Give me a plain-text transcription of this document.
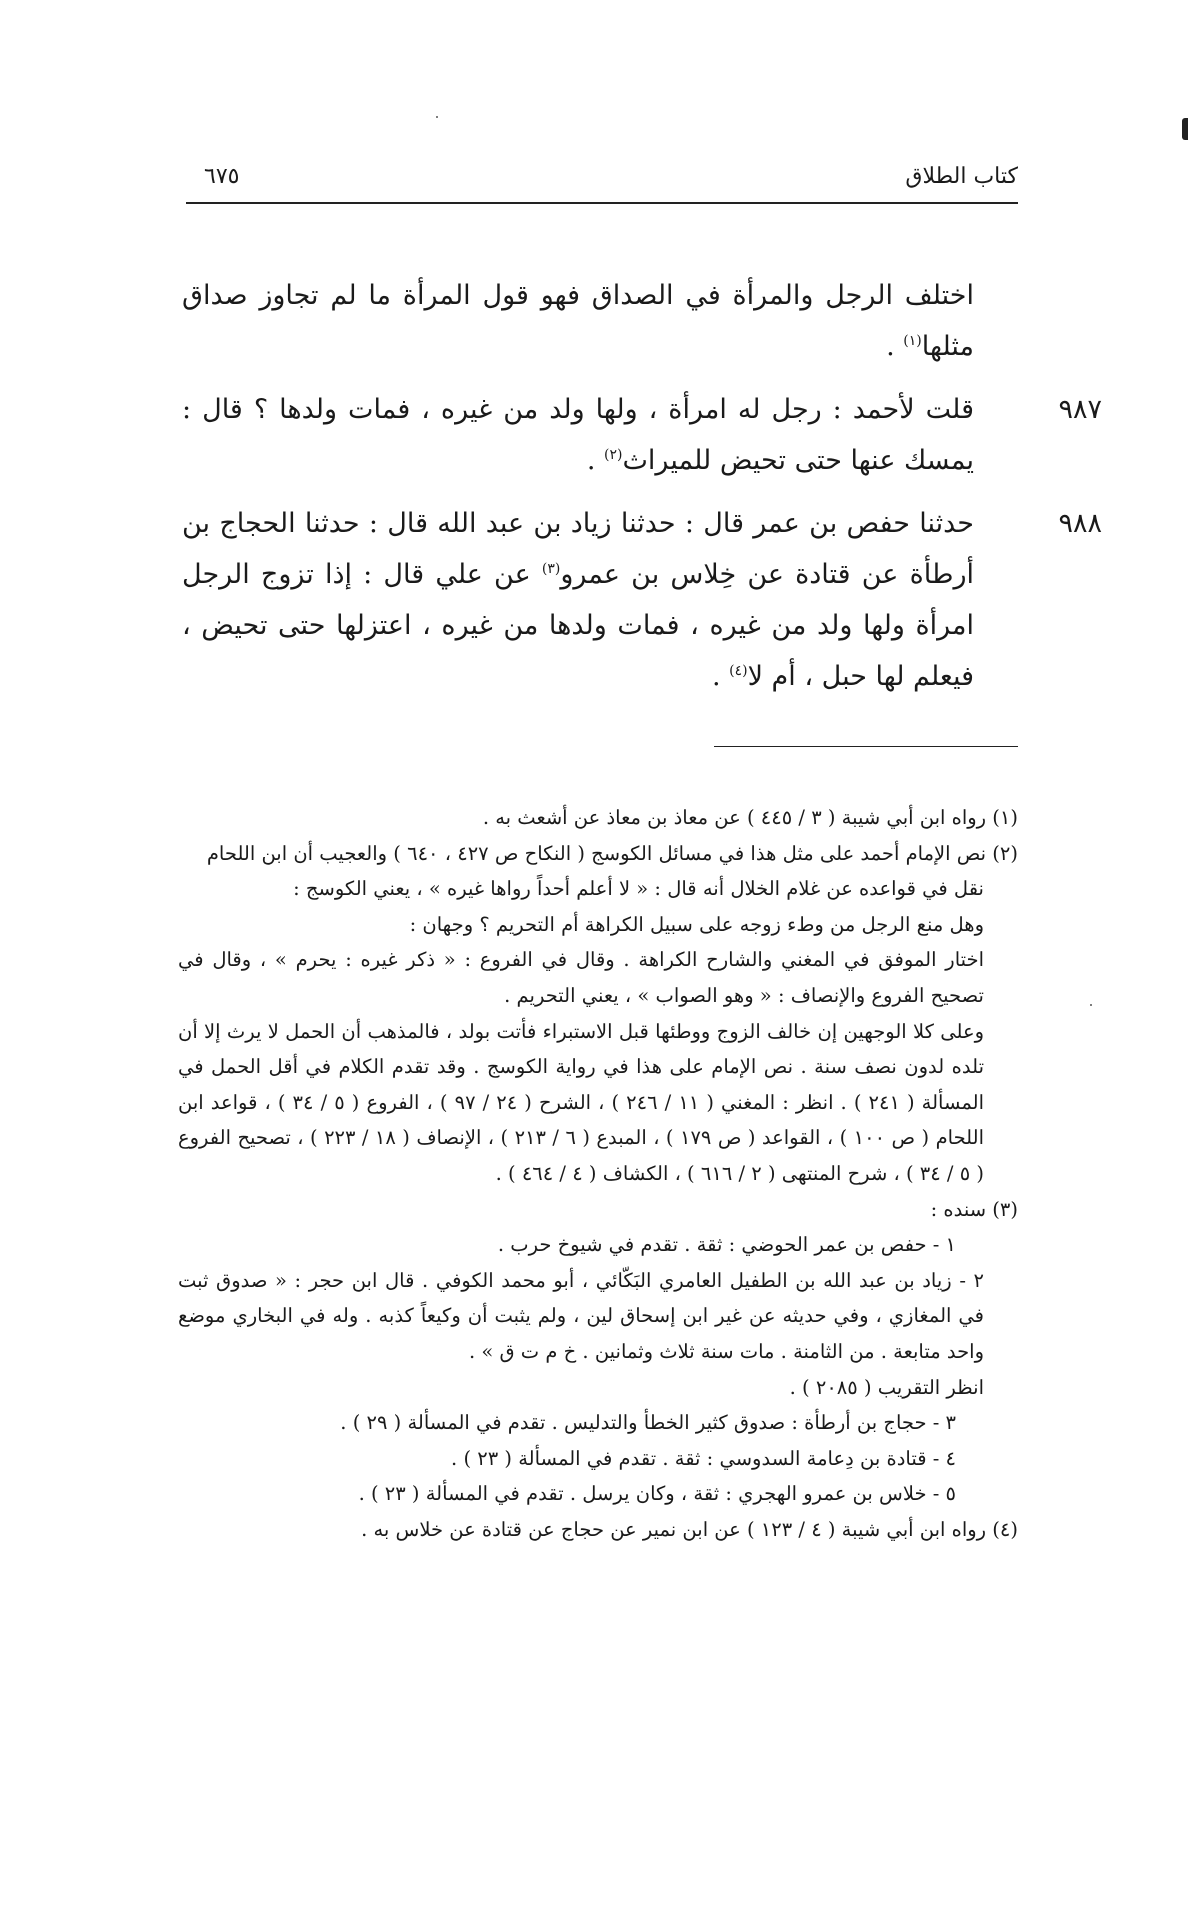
كتاب الطلاق
٦٧٥

اختلف الرجل والمرأة في الصداق فهو قول المرأة ما لم تجاوز صداق مثلها$^{(١)}$ .

٩٨٧

قلت لأحمد : رجل له امرأة ، ولها ولد من غيره ، فمات ولدها ؟ قال : يمسك عنها حتى تحيض للميراث$^{(٢)}$ .

٩٨٨

حدثنا حفص بن عمر قال : حدثنا زياد بن عبد الله قال : حدثنا الحجاج بن أرطأة عن قتادة عن خِلاس بن عمرو$^{(٣)}$ عن علي قال : إذا تزوج الرجل امرأة ولها ولد من غيره ، فمات ولدها من غيره ، اعتزلها حتى تحيض ، فيعلم لها حبل ، أم لا$^{(٤)}$ .

(١) رواه ابن أبي شيبة ( ٣ / ٤٤٥ ) عن معاذ بن معاذ عن أشعث به .
(٢) نص الإمام أحمد على مثل هذا في مسائل الكوسج ( النكاح ص ٤٢٧ ، ٦٤٠ ) والعجيب أن ابن اللحام
نقل في قواعده عن غلام الخلال أنه قال : « لا أعلم أحداً رواها غيره » ، يعني الكوسج :
وهل منع الرجل من وطء زوجه على سبيل الكراهة أم التحريم ؟ وجهان :
اختار الموفق في المغني والشارح الكراهة . وقال في الفروع : « ذكر غيره : يحرم » ، وقال في تصحيح الفروع والإنصاف : « وهو الصواب » ، يعني التحريم .
وعلى كلا الوجهين إن خالف الزوج ووطئها قبل الاستبراء فأتت بولد ، فالمذهب أن الحمل لا يرث إلا أن تلده لدون نصف سنة . نص الإمام على هذا في رواية الكوسج . وقد تقدم الكلام في أقل الحمل في المسألة ( ٢٤١ ) . انظر : المغني ( ١١ / ٢٤٦ ) ، الشرح ( ٢٤ / ٩٧ ) ، الفروع ( ٥ / ٣٤ ) ، قواعد ابن اللحام ( ص ١٠٠ ) ، القواعد ( ص ١٧٩ ) ، المبدع ( ٦ / ٢١٣ ) ، الإنصاف ( ١٨ / ٢٢٣ ) ، تصحيح الفروع ( ٥ / ٣٤ ) ، شرح المنتهى ( ٢ / ٦١٦ ) ، الكشاف ( ٤ / ٤٦٤ ) .
(٣) سنده :
١ - حفص بن عمر الحوضي : ثقة . تقدم في شيوخ حرب .
٢ - زياد بن عبد الله بن الطفيل العامري البَكّائي ، أبو محمد الكوفي . قال ابن حجر : « صدوق ثبت في المغازي ، وفي حديثه عن غير ابن إسحاق لين ، ولم يثبت أن وكيعاً كذبه . وله في البخاري موضع واحد متابعة . من الثامنة . مات سنة ثلاث وثمانين . خ م ت ق » .
انظر التقريب ( ٢٠٨٥ ) .
٣ - حجاج بن أرطأة : صدوق كثير الخطأ والتدليس . تقدم في المسألة ( ٢٩ ) .
٤ - قتادة بن دِعامة السدوسي : ثقة . تقدم في المسألة ( ٢٣ ) .
٥ - خلاس بن عمرو الهجري : ثقة ، وكان يرسل . تقدم في المسألة ( ٢٣ ) .
(٤) رواه ابن أبي شيبة ( ٤ / ١٢٣ ) عن ابن نمير عن حجاج عن قتادة عن خلاس به .
